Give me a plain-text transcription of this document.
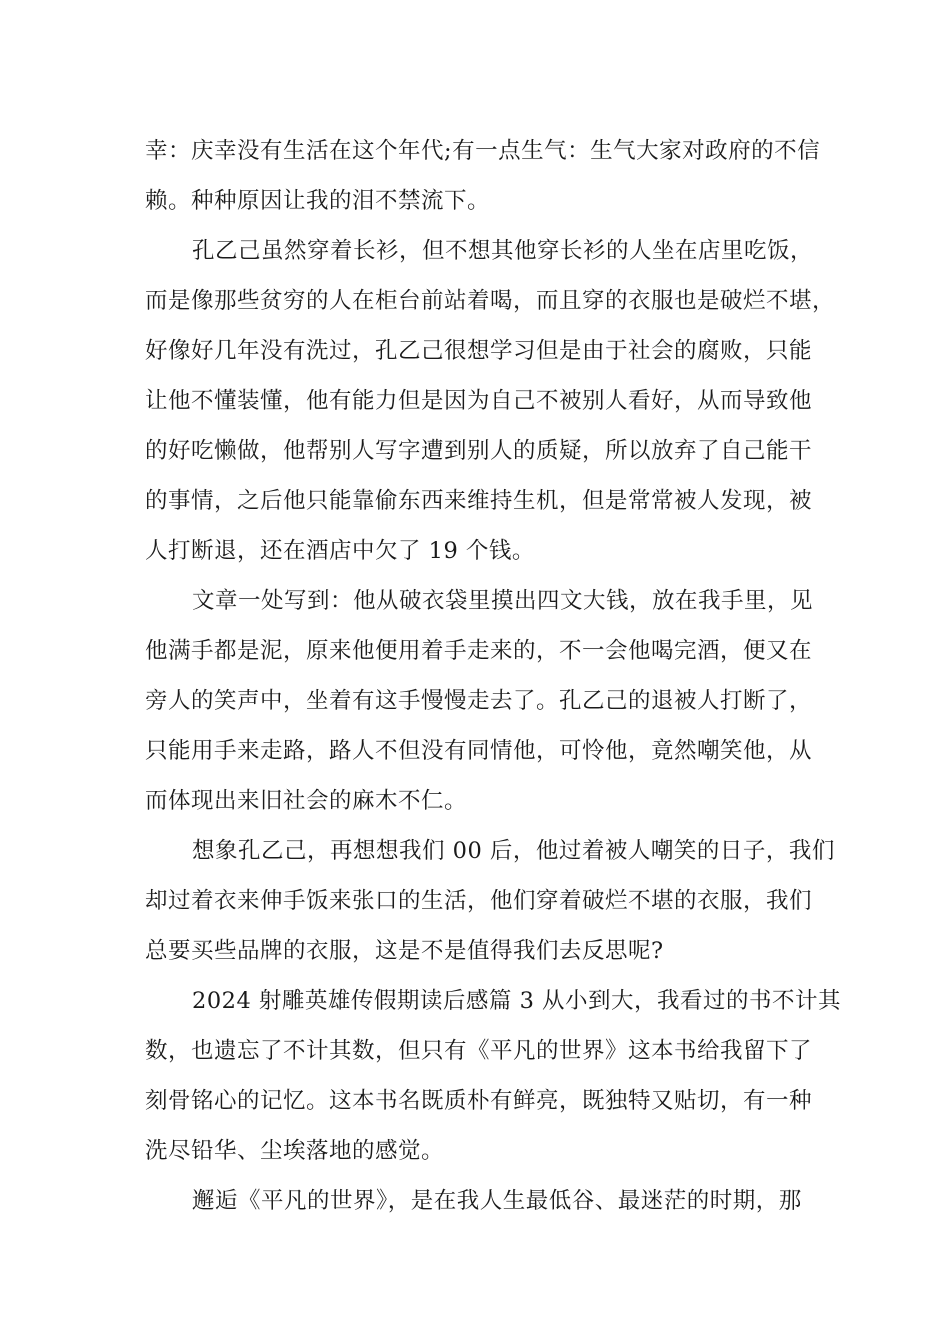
幸：庆幸没有生活在这个年代;有一点生气：生气大家对政府的不信
赖。种种原因让我的泪不禁流下。
孔乙己虽然穿着长衫，但不想其他穿长衫的人坐在店里吃饭，
而是像那些贫穷的人在柜台前站着喝，而且穿的衣服也是破烂不堪，
好像好几年没有洗过，孔乙己很想学习但是由于社会的腐败，只能
让他不懂装懂，他有能力但是因为自己不被别人看好，从而导致他
的好吃懒做，他帮别人写字遭到别人的质疑，所以放弃了自己能干
的事情，之后他只能靠偷东西来维持生机，但是常常被人发现，被
人打断退，还在酒店中欠了 19 个钱。
文章一处写到：他从破衣袋里摸出四文大钱，放在我手里，见
他满手都是泥，原来他便用着手走来的，不一会他喝完酒，便又在
旁人的笑声中，坐着有这手慢慢走去了。孔乙己的退被人打断了，
只能用手来走路，路人不但没有同情他，可怜他，竟然嘲笑他，从
而体现出来旧社会的麻木不仁。
想象孔乙己，再想想我们 00 后，他过着被人嘲笑的日子，我们
却过着衣来伸手饭来张口的生活，他们穿着破烂不堪的衣服，我们
总要买些品牌的衣服，这是不是值得我们去反思呢?
2024 射雕英雄传假期读后感篇 3 从小到大，我看过的书不计其
数，也遗忘了不计其数，但只有《平凡的世界》这本书给我留下了
刻骨铭心的记忆。这本书名既质朴有鲜亮，既独特又贴切，有一种
洗尽铅华、尘埃落地的感觉。
邂逅《平凡的世界》，是在我人生最低谷、最迷茫的时期，那
